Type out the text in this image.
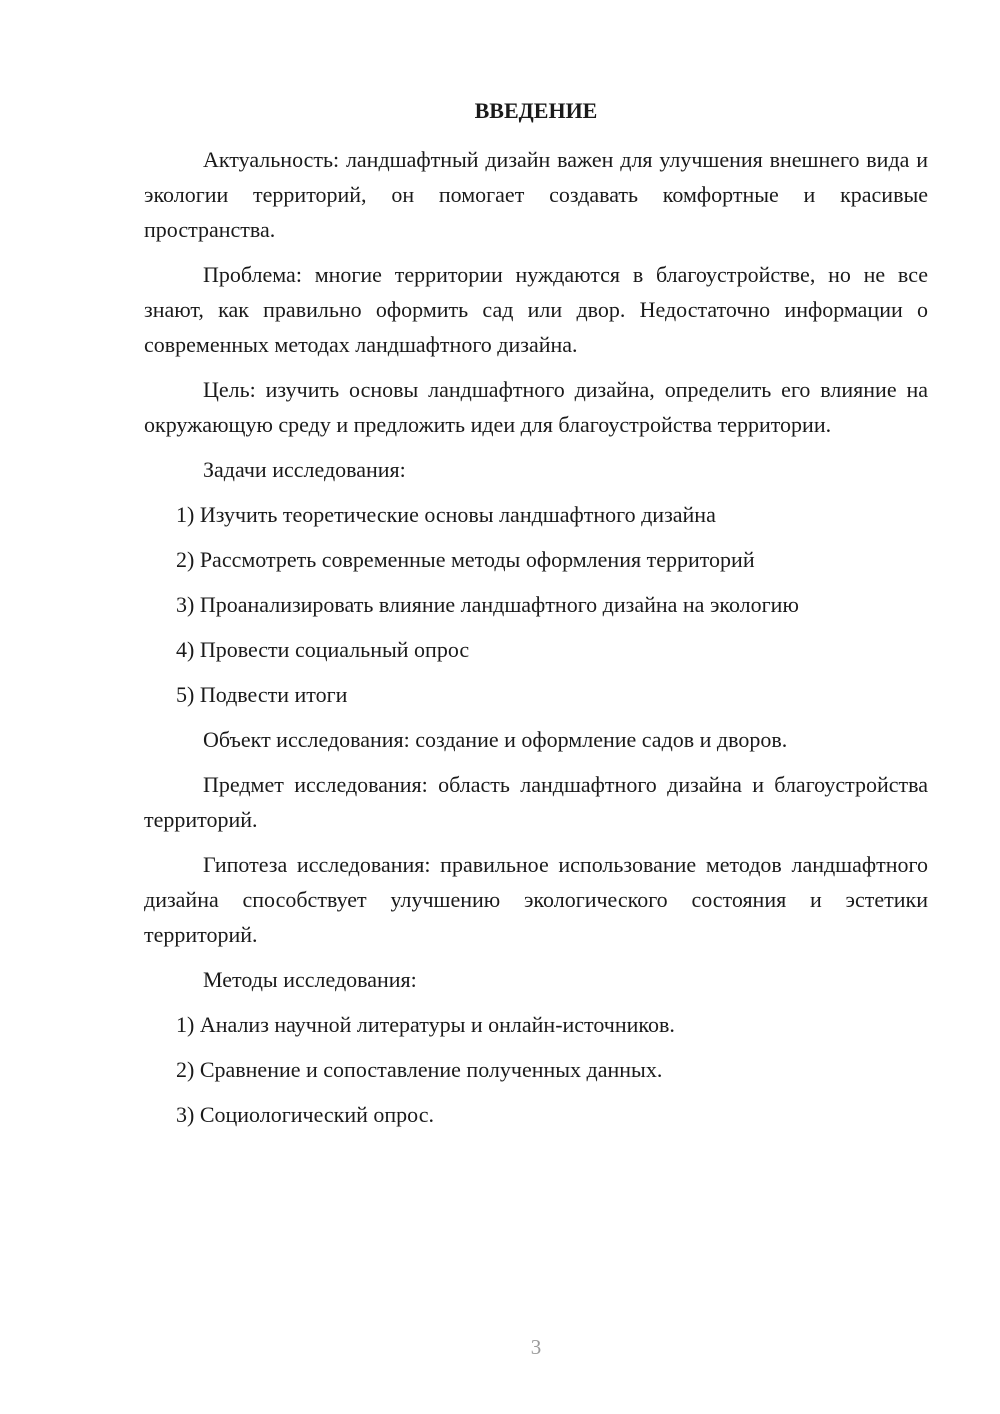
ВВЕДЕНИЕ

Актуальность: ландшафтный дизайн важен для улучшения внешнего вида и экологии территорий, он помогает создавать комфортные и красивые пространства.

Проблема: многие территории нуждаются в благоустройстве, но не все знают, как правильно оформить сад или двор. Недостаточно информации о современных методах ландшафтного дизайна.

Цель: изучить основы ландшафтного дизайна, определить его влияние на окружающую среду и предложить идеи для благоустройства территории.

Задачи исследования:

1) Изучить теоретические основы ландшафтного дизайна

2) Рассмотреть современные методы оформления территорий

3) Проанализировать влияние ландшафтного дизайна на экологию

4) Провести социальный опрос

5) Подвести итоги

Объект исследования: создание и оформление садов и дворов.

Предмет исследования: область ландшафтного дизайна и благоустройства территорий.

Гипотеза исследования: правильное использование методов ландшафтного дизайна способствует улучшению экологического состояния и эстетики территорий.

Методы исследования:

1) Анализ научной литературы и онлайн-источников.

2) Сравнение и сопоставление полученных данных.

3) Социологический опрос.

3
